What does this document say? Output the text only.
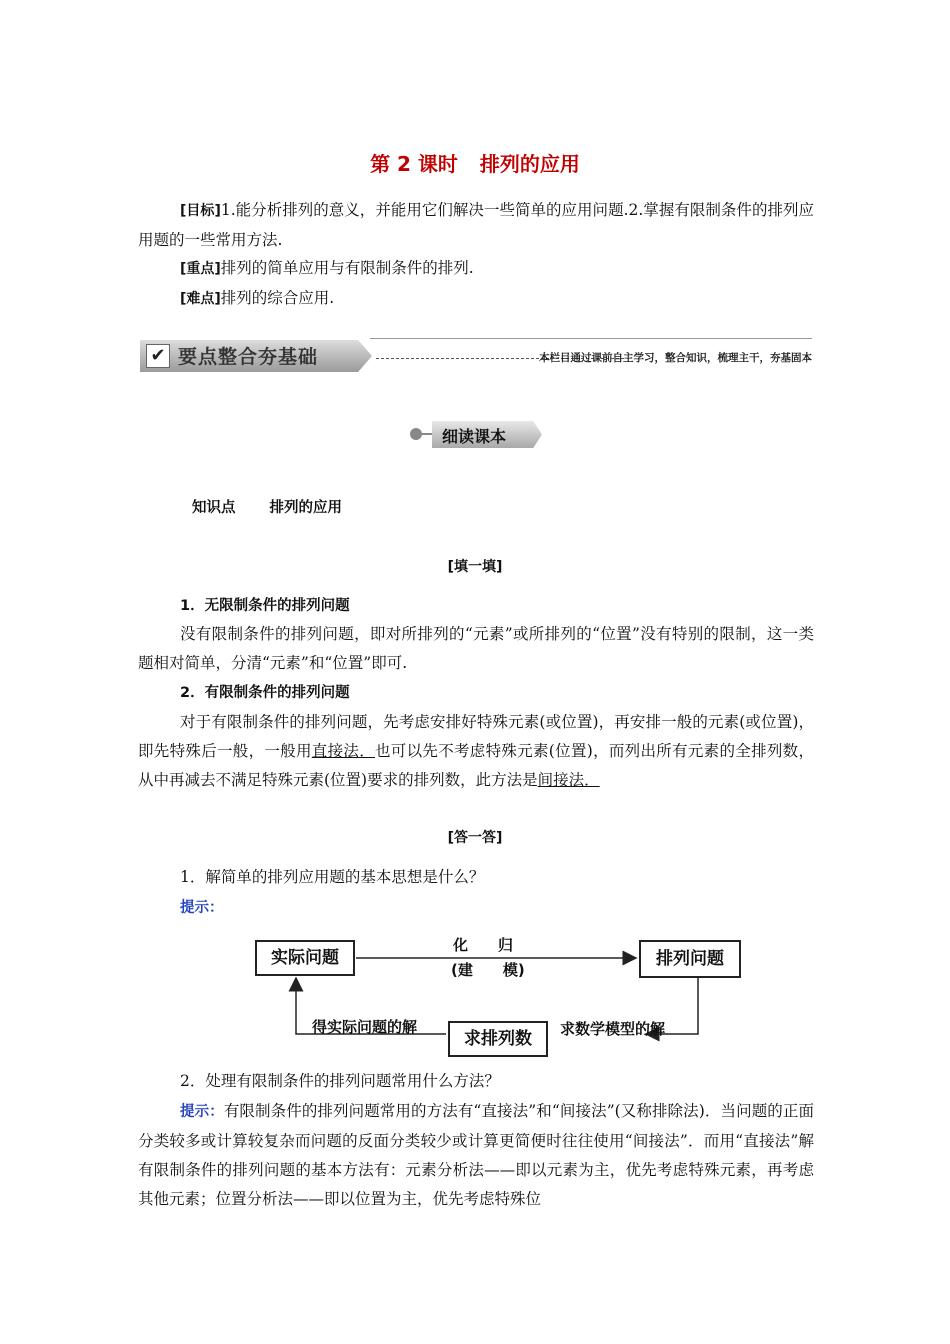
第 2 课时 排列的应用
[目标]1.能分析排列的意义，并能用它们解决一些简单的应用问题.2.掌握有限制条件的排列应用题的一些常用方法.
[重点]排列的简单应用与有限制条件的排列.
[难点]排列的综合应用.
✔ 要点整合夯基础	本栏目通过课前自主学习，整合知识，梳理主干，夯基固本
细读课本
知识点 排列的应用
[填一填]
1．无限制条件的排列问题
没有限制条件的排列问题，即对所排列的“元素”或所排列的“位置”没有特别的限制，这一类题相对简单，分清“元素”和“位置”即可.
2．有限制条件的排列问题
对于有限制条件的排列问题，先考虑安排好特殊元素(或位置)，再安排一般的元素(或位置)，即先特殊后一般，一般用直接法．也可以先不考虑特殊元素(位置)，而列出所有元素的全排列数，从中再减去不满足特殊元素(位置)要求的排列数，此方法是间接法．
[答一答]
1．解简单的排列应用题的基本思想是什么？
提示：
实际问题	排列问题
求排列数
化　　归
(建　　模)
得实际问题的解	求数学模型的解
2．处理有限制条件的排列问题常用什么方法？
提示：有限制条件的排列问题常用的方法有“直接法”和“间接法”(又称排除法)．当问题的正面分类较多或计算较复杂而问题的反面分类较少或计算更简便时往往使用“间接法”．而用“直接法”解有限制条件的排列问题的基本方法有：元素分析法——即以元素为主，优先考虑特殊元素，再考虑其他元素；位置分析法——即以位置为主，优先考虑特殊位
